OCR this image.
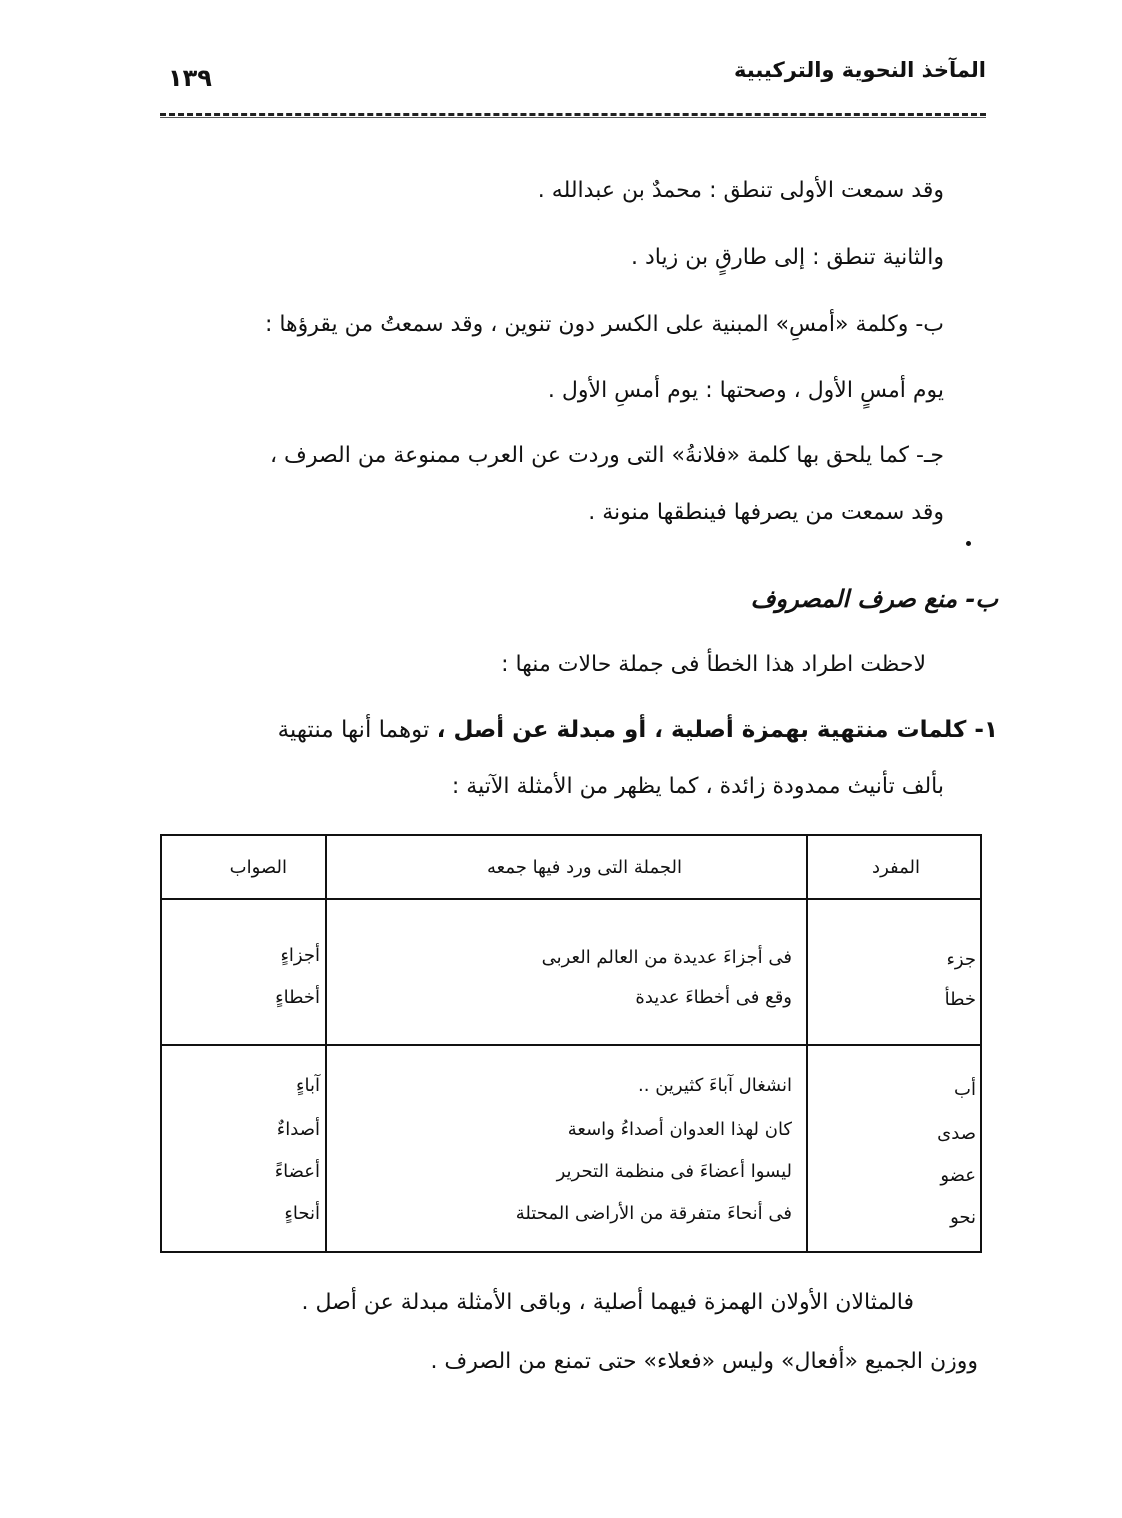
المآخذ النحوية والتركيبية
١٣٩
وقد سمعت الأولى تنطق : محمدٌ بن عبدالله .
والثانية تنطق : إلى طارقٍ بن زياد .
ب- وكلمة «أمسِ» المبنية على الكسر دون تنوين ، وقد سمعتُ من يقرؤها :
يوم أمسٍ الأول ، وصحتها : يوم أمسِ الأول .
جـ- كما يلحق بها كلمة «فلانةُ» التى وردت عن العرب ممنوعة من الصرف ،
وقد سمعت من يصرفها فينطقها منونة .
ب- منع صرف المصروف
لاحظت اطراد هذا الخطأ فى جملة حالات منها :
١- كلمات منتهية بهمزة أصلية ، أو مبدلة عن أصل ، توهما أنها منتهية
بألف تأنيث ممدودة زائدة ، كما يظهر من الأمثلة الآتية :
المفرد
الجملة التى ورد فيها جمعه
الصواب
جزء
فى أجزاءَ عديدة من العالم العربى
أجزاءٍ
خطأ
وقع فى أخطاءَ عديدة
أخطاءٍ
أب
انشغال آباءَ كثيرين ..
آباءٍ
صدى
كان لهذا العدوان أصداءُ واسعة
أصداءٌ
عضو
ليسوا أعضاءَ فى منظمة التحرير
أعضاءً
نحو
فى أنحاءَ متفرقة من الأراضى المحتلة
أنحاءٍ
فالمثالان الأولان الهمزة فيهما أصلية ، وباقى الأمثلة مبدلة عن أصل .
ووزن الجميع «أفعال» وليس «فعلاء» حتى تمنع من الصرف .
